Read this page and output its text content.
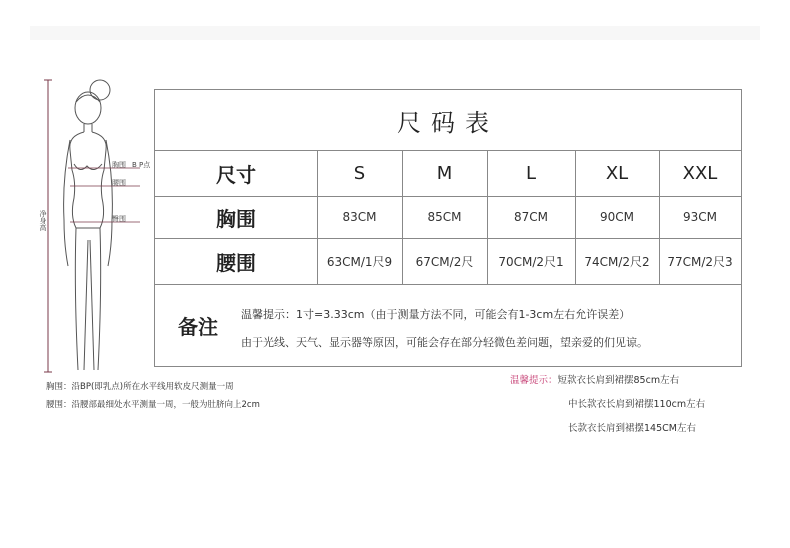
胸围 B P点
腰围
臀围
净身高
胸围：沿BP(即乳点)所在水平线用软皮尺测量一周
腰围：沿腰部最细处水平测量一周，一般为肚脐向上2cm
尺码表
尺寸	S	M	L	XL	XXL
胸围	83CM	85CM	87CM	90CM	93CM
腰围	63CM/1尺9	67CM/2尺	70CM/2尺1	74CM/2尺2	77CM/2尺3
备注	温馨提示：1寸=3.33cm（由于测量方法不同，可能会有1-3cm左右允许误差）
由于光线、天气、显示器等原因，可能会存在部分轻微色差问题，望亲爱的们见谅。
温馨提示：短款衣长肩到裙摆85cm左右
中长款衣长肩到裙摆110cm左右
长款衣长肩到裙摆145CM左右
